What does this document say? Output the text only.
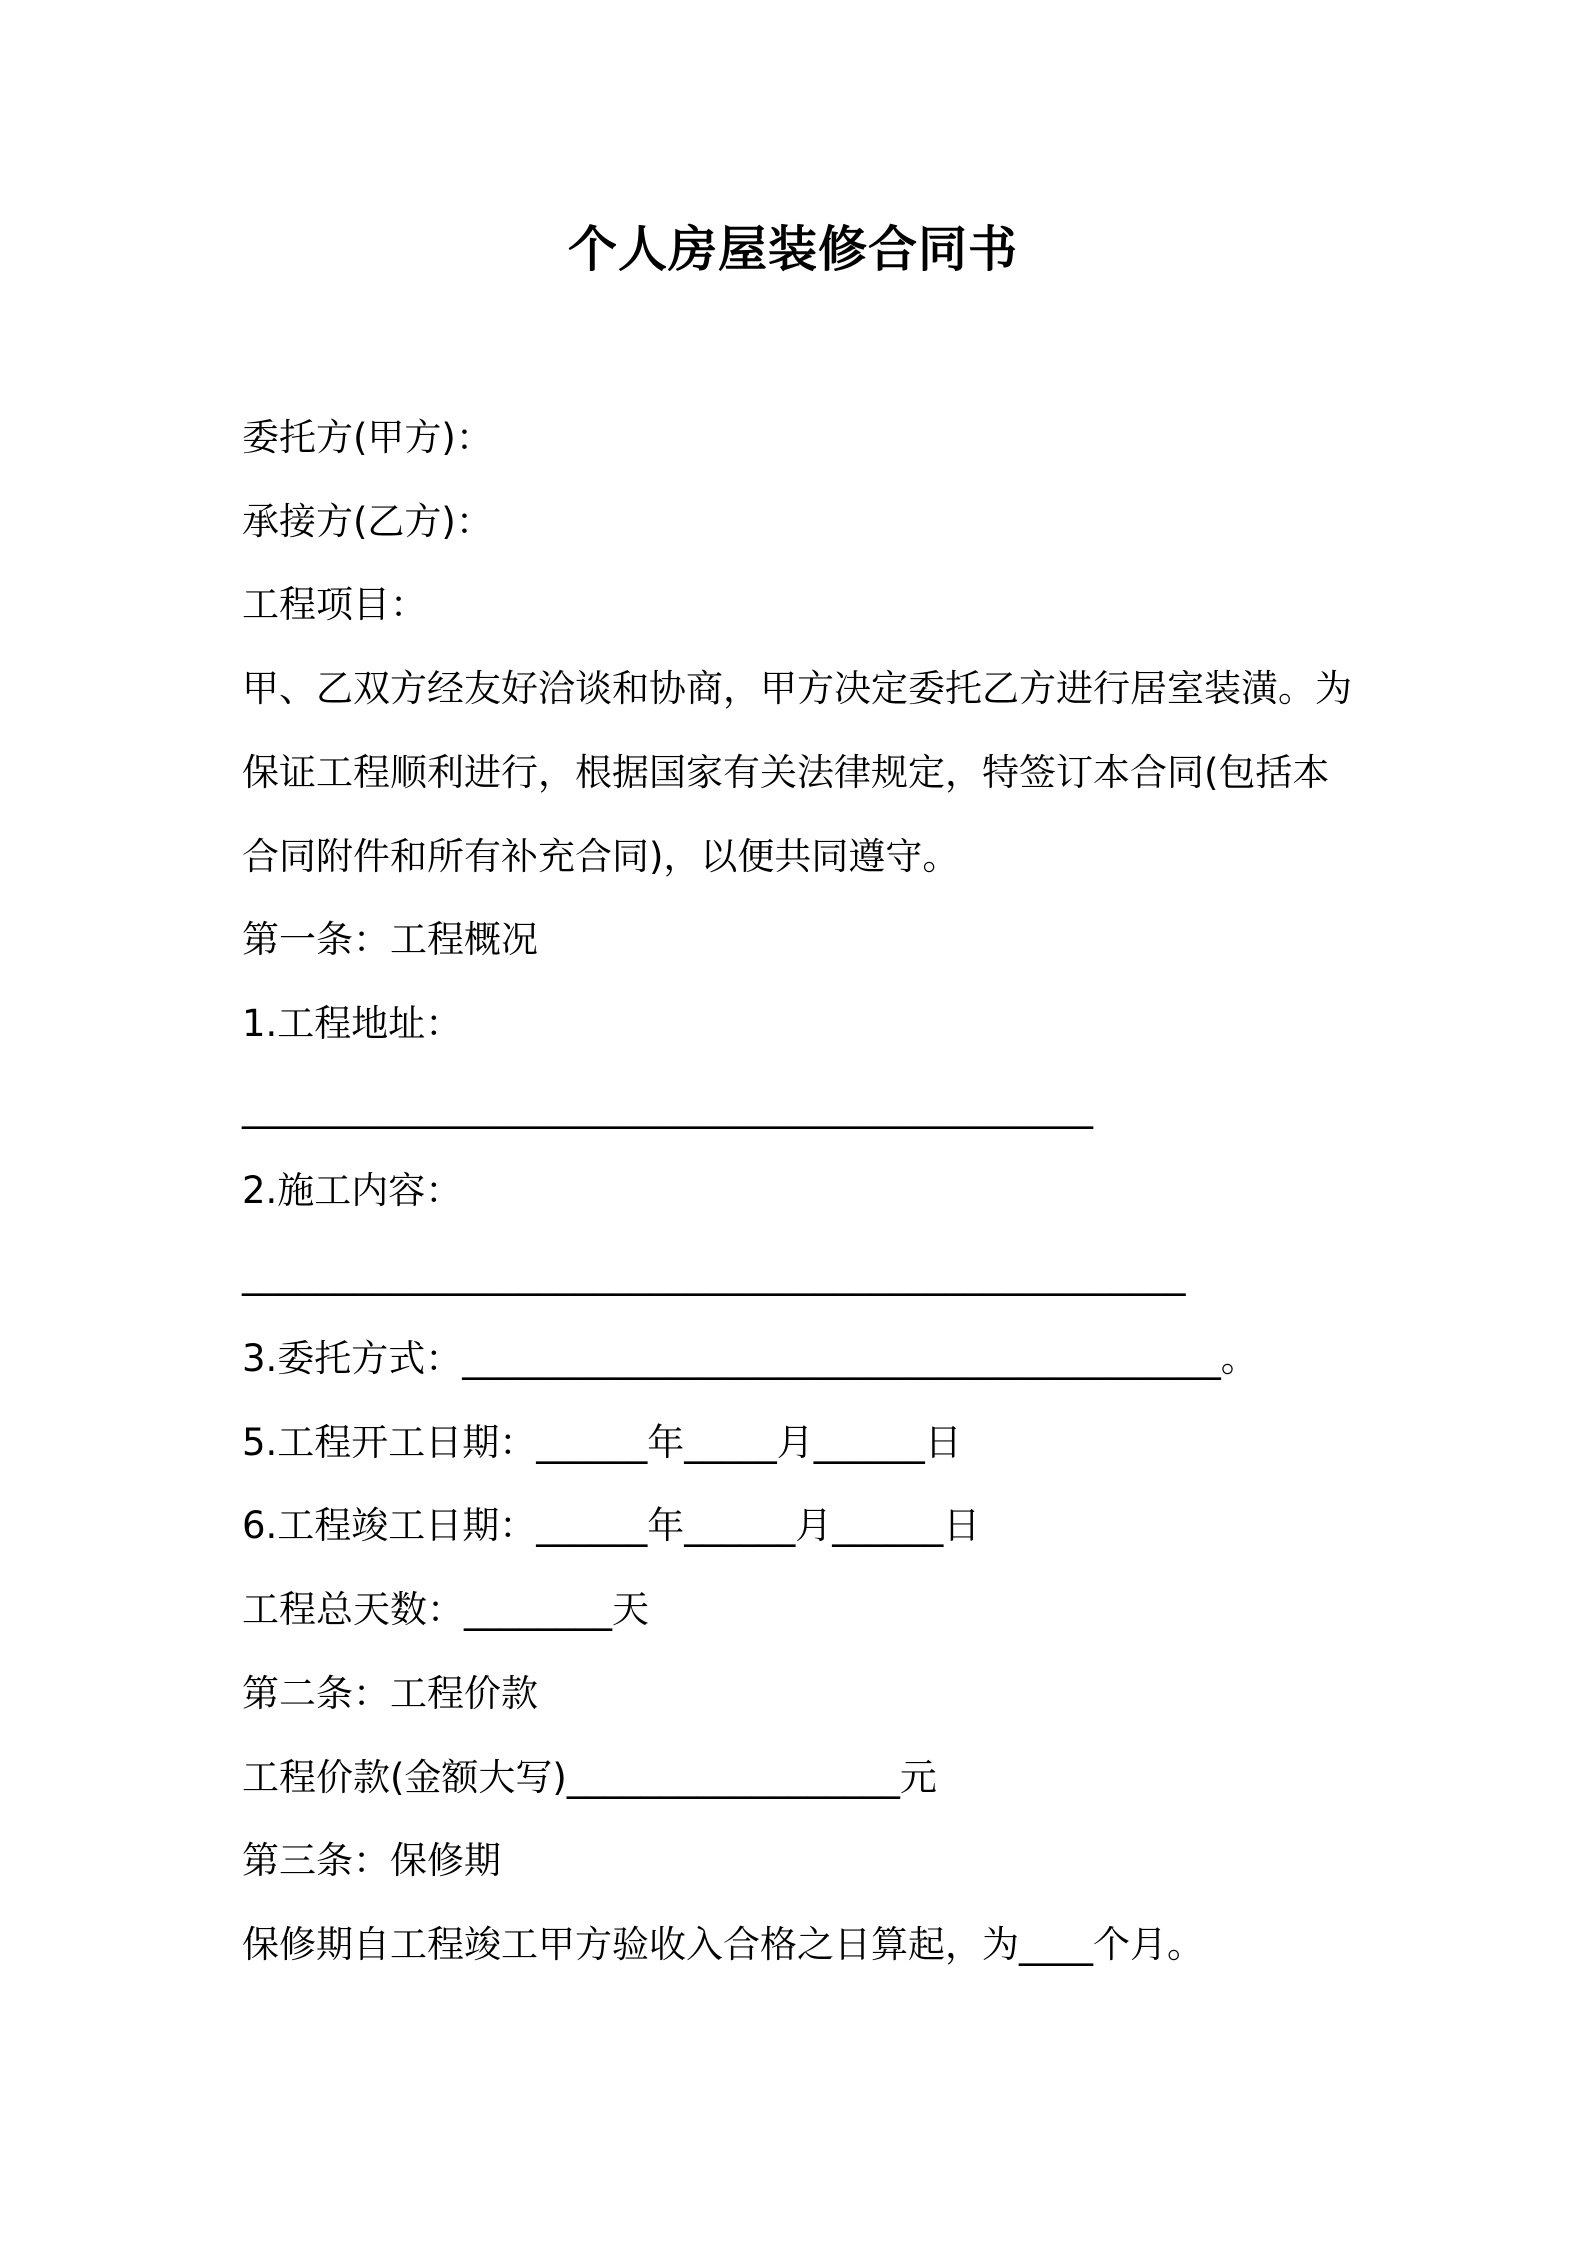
个人房屋装修合同书
委托方(甲方)：
承接方(乙方)：
工程项目：
甲、乙双方经友好洽谈和协商，甲方决定委托乙方进行居室装潢。为
保证工程顺利进行，根据国家有关法律规定，特签订本合同(包括本
合同附件和所有补充合同)，以便共同遵守。
第一条：工程概况
1.工程地址：
______________________________________________
2.施工内容：
___________________________________________________
3.委托方式：_________________________________________。
5.工程开工日期：______年_____月______日
6.工程竣工日期：______年______月______日
工程总天数：________天
第二条：工程价款
工程价款(金额大写)__________________元
第三条：保修期
保修期自工程竣工甲方验收入合格之日算起，为____个月。
